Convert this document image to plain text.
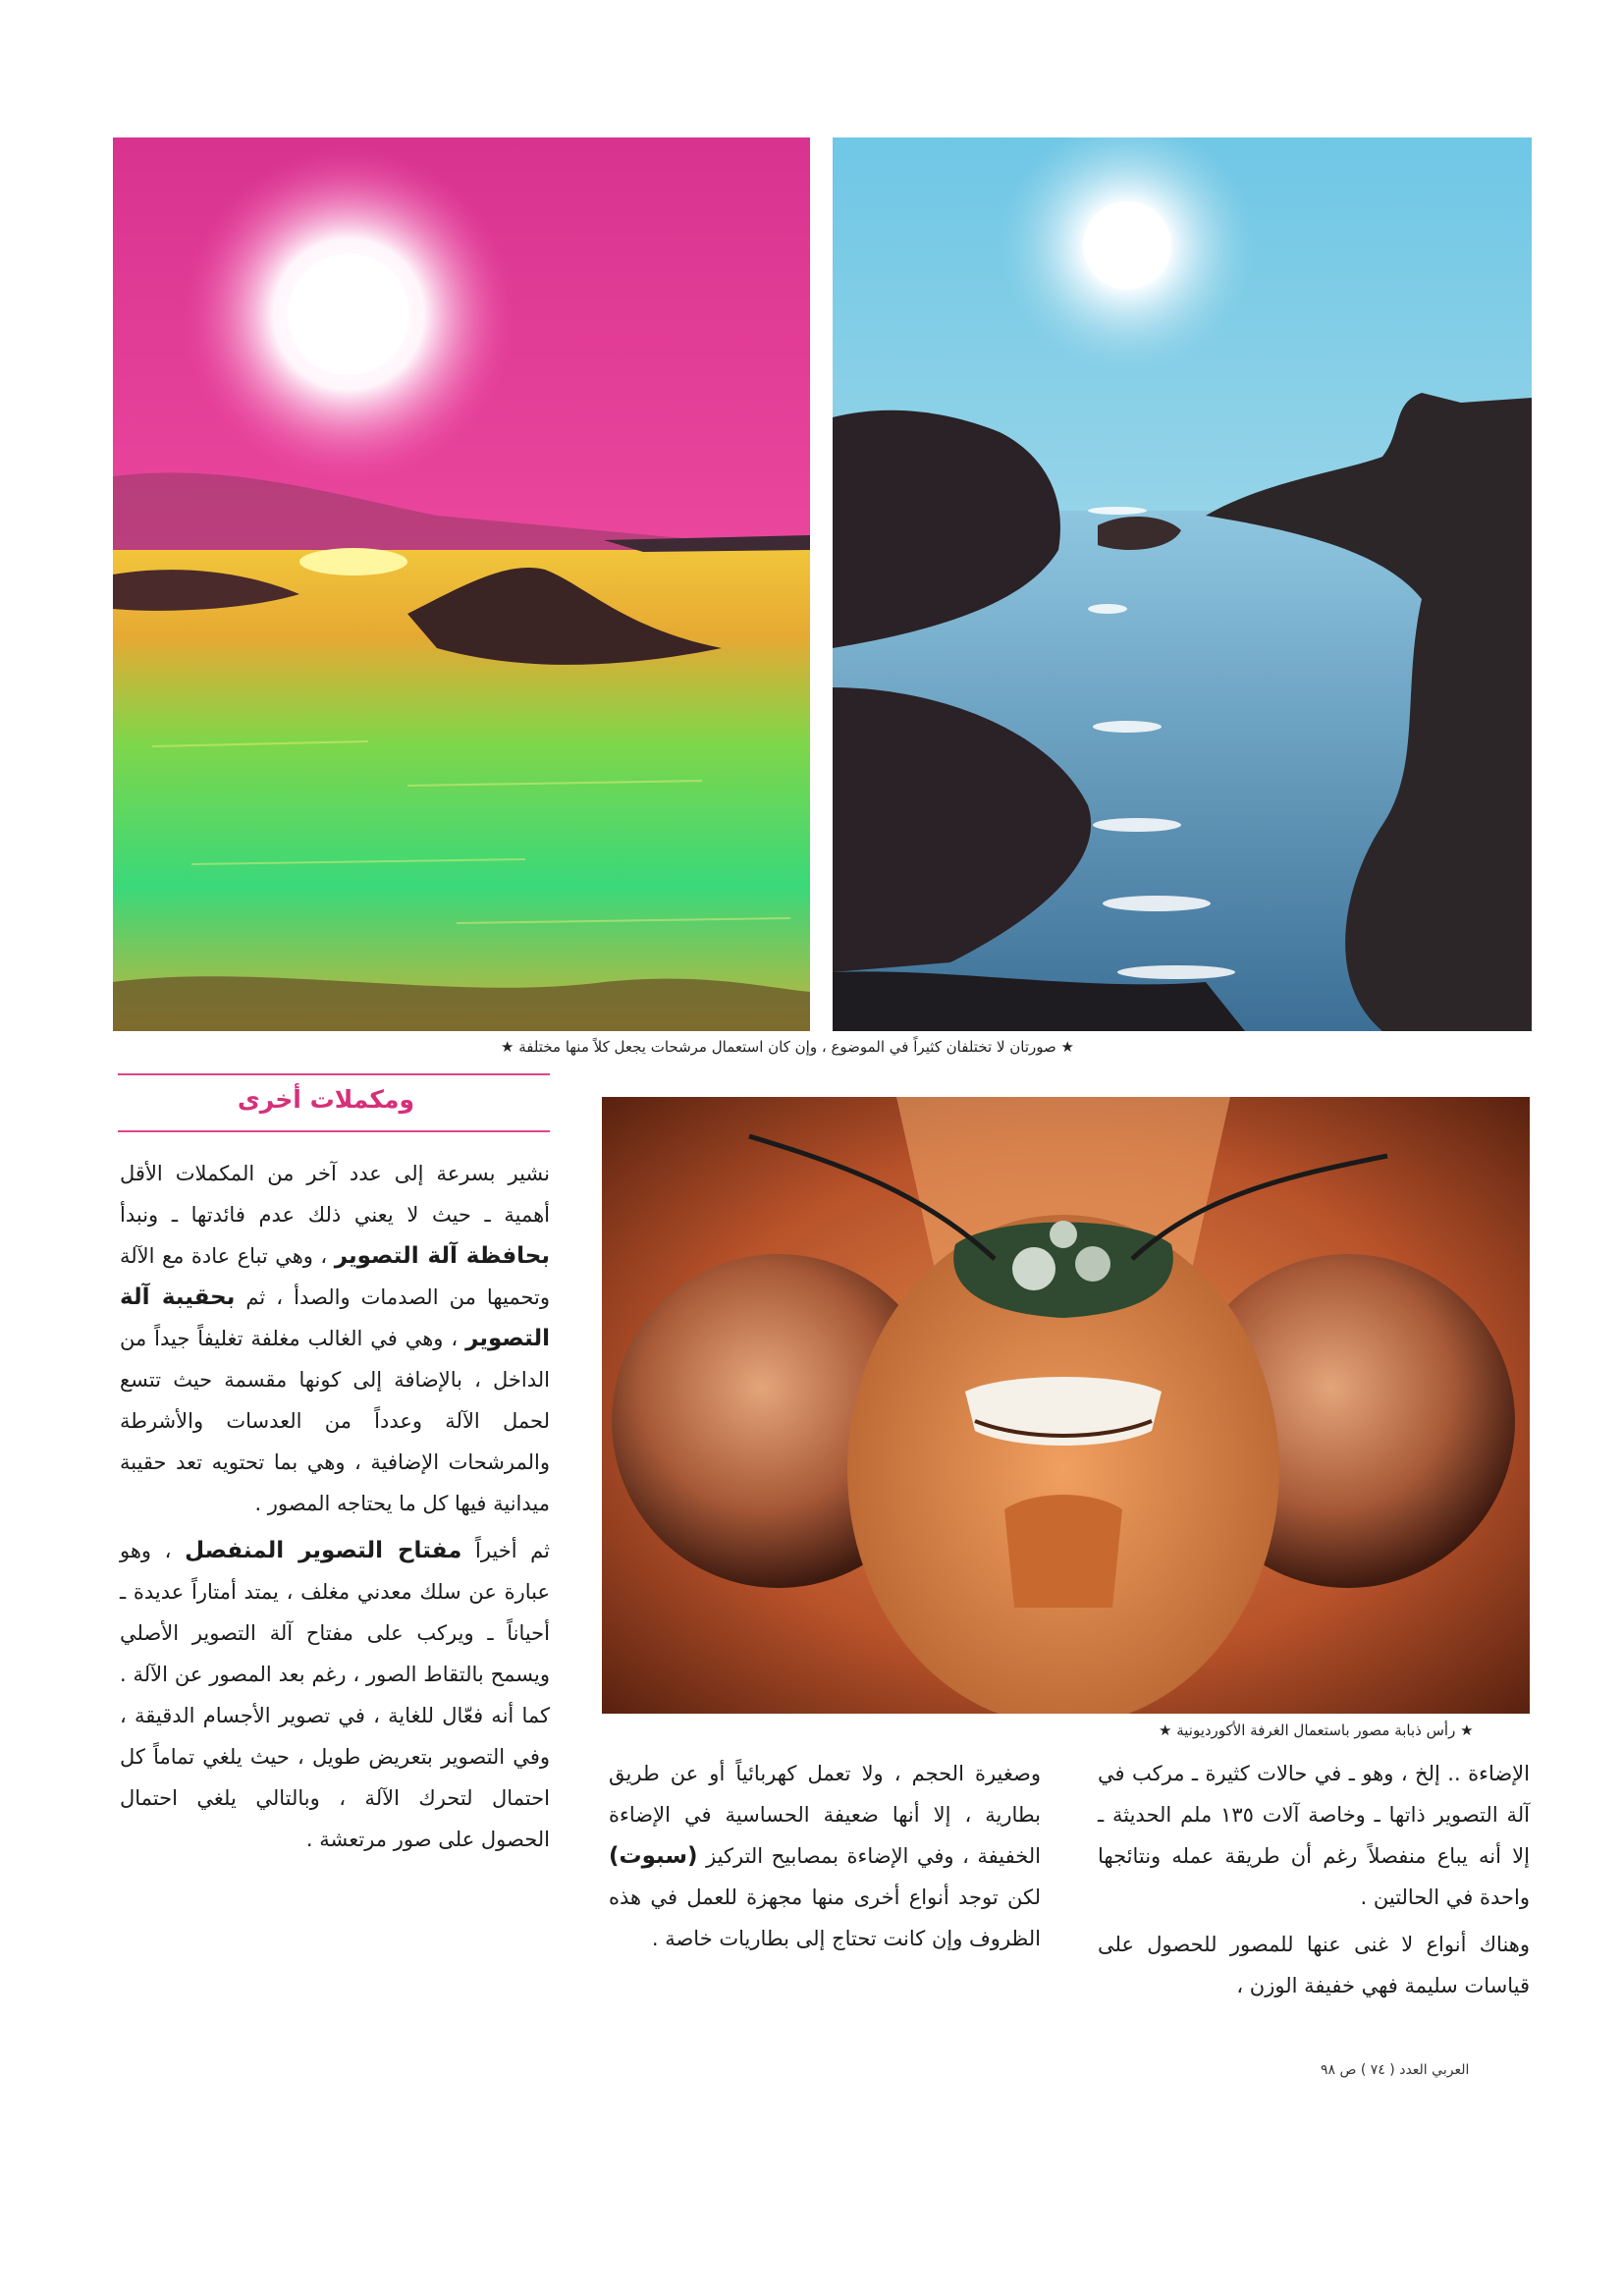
★ صورتان لا تختلفان كثيراً في الموضوع ، وإن كان استعمال مرشحات يجعل كلاً منها مختلفة ★
ومكملات أخرى
★ رأس ذبابة مصور باستعمال الغرفة الأكورديونية ★

نشير بسرعة إلى عدد آخر من المكملات الأقل أهمية ـ حيث لا يعني ذلك عدم فائدتها ـ ونبدأ بحافظة آلة التصوير ، وهي تباع عادة مع الآلة وتحميها من الصدمات والصدأ ، ثم بحقيبة آلة التصوير ، وهي في الغالب مغلفة تغليفاً جيداً من الداخل ، بالإضافة إلى كونها مقسمة حيث تتسع لحمل الآلة وعدداً من العدسات والأشرطة والمرشحات الإضافية ، وهي بما تحتويه تعد حقيبة ميدانية فيها كل ما يحتاجه المصور .

ثم أخيراً مفتاح التصوير المنفصل ، وهو عبارة عن سلك معدني مغلف ، يمتد أمتاراً عديدة ـ أحياناً ـ ويركب على مفتاح آلة التصوير الأصلي ويسمح بالتقاط الصور ، رغم بعد المصور عن الآلة . كما أنه فعّال للغاية ، في تصوير الأجسام الدقيقة ، وفي التصوير بتعريض طويل ، حيث يلغي تماماً كل احتمال لتحرك الآلة ، وبالتالي يلغي احتمال الحصول على صور مرتعشة .

وصغيرة الحجم ، ولا تعمل كهربائياً أو عن طريق بطارية ، إلا أنها ضعيفة الحساسية في الإضاءة الخفيفة ، وفي الإضاءة بمصابيح التركيز (سبوت) لكن توجد أنواع أخرى منها مجهزة للعمل في هذه الظروف وإن كانت تحتاج إلى بطاريات خاصة .

الإضاءة .. إلخ ، وهو ـ في حالات كثيرة ـ مركب في آلة التصوير ذاتها ـ وخاصة آلات ١٣٥ ملم الحديثة ـ إلا أنه يباع منفصلاً رغم أن طريقة عمله ونتائجها واحدة في الحالتين .

وهناك أنواع لا غنى عنها للمصور للحصول على قياسات سليمة فهي خفيفة الوزن ،

العربي العدد ( ٧٤ ) ص ٩٨
